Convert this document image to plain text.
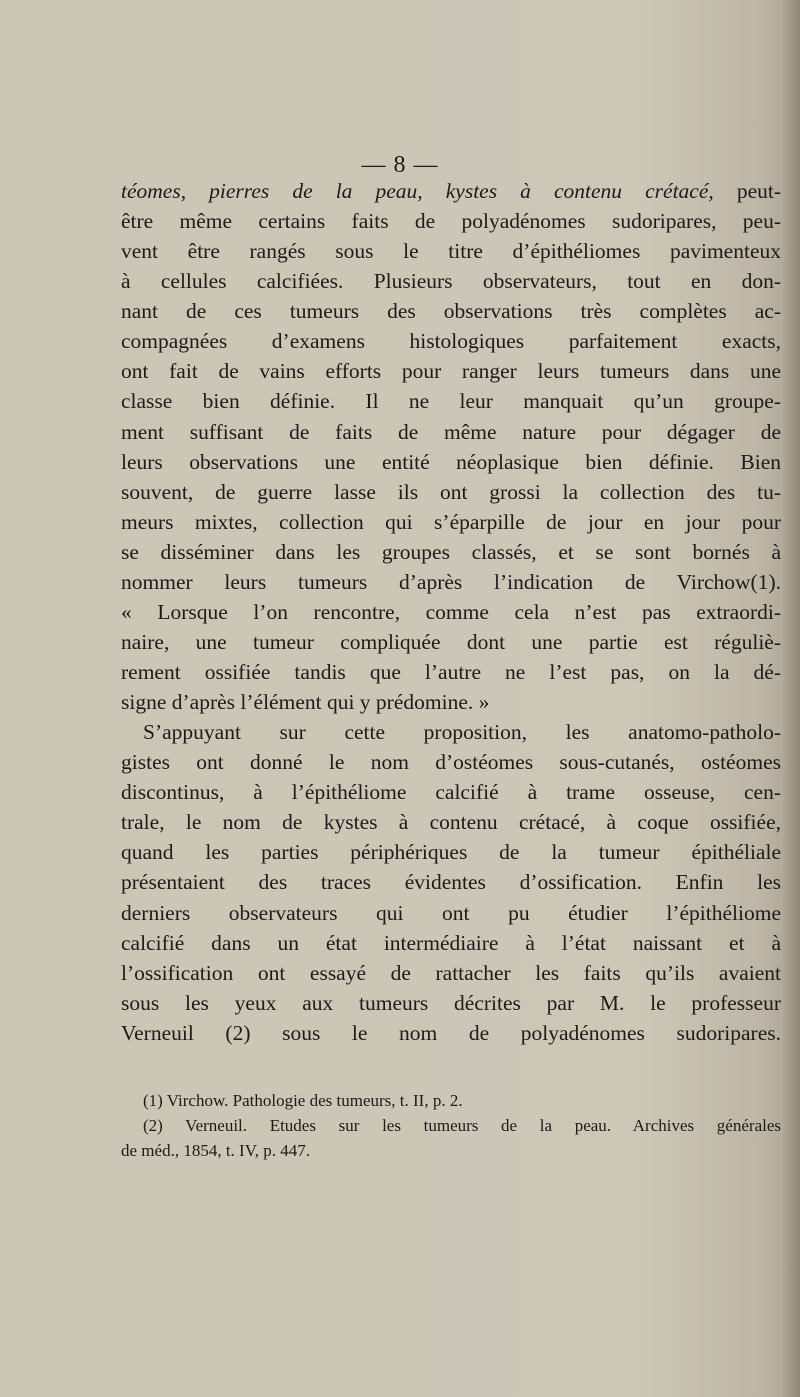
— 8 —
téomes, pierres de la peau, kystes à contenu crétacé, peut-
être même certains faits de polyadénomes sudoripares, peu-
vent être rangés sous le titre d’épithéliomes pavimenteux
à cellules calcifiées. Plusieurs observateurs, tout en don-
nant de ces tumeurs des observations très complètes ac-
compagnées d’examens histologiques parfaitement exacts,
ont fait de vains efforts pour ranger leurs tumeurs dans une
classe bien définie. Il ne leur manquait qu’un groupe-
ment suffisant de faits de même nature pour dégager de
leurs observations une entité néoplasique bien définie. Bien
souvent, de guerre lasse ils ont grossi la collection des tu-
meurs mixtes, collection qui s’éparpille de jour en jour pour
se disséminer dans les groupes classés, et se sont bornés à
nommer leurs tumeurs d’après l’indication de Virchow(1).
« Lorsque l’on rencontre, comme cela n’est pas extraordi-
naire, une tumeur compliquée dont une partie est réguliè-
rement ossifiée tandis que l’autre ne l’est pas, on la dé-
signe d’après l’élément qui y prédomine. »
S’appuyant sur cette proposition, les anatomo-patholo-
gistes ont donné le nom d’ostéomes sous-cutanés, ostéomes
discontinus, à l’épithéliome calcifié à trame osseuse, cen-
trale, le nom de kystes à contenu crétacé, à coque ossifiée,
quand les parties périphériques de la tumeur épithéliale
présentaient des traces évidentes d’ossification. Enfin les
derniers observateurs qui ont pu étudier l’épithéliome
calcifié dans un état intermédiaire à l’état naissant et à
l’ossification ont essayé de rattacher les faits qu’ils avaient
sous les yeux aux tumeurs décrites par M. le professeur
Verneuil (2) sous le nom de polyadénomes sudoripares.
(1) Virchow. Pathologie des tumeurs, t. II, p. 2.
(2) Verneuil. Etudes sur les tumeurs de la peau. Archives générales
de méd., 1854, t. IV, p. 447.
